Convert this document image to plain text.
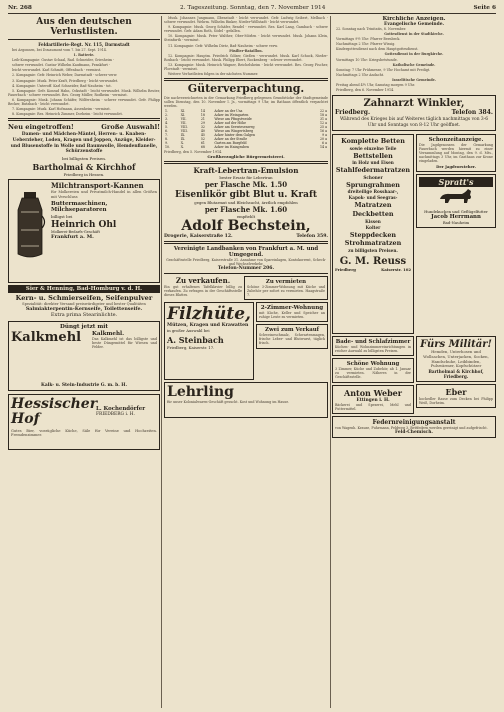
Nr. 268	2. Tageszeitung. Sonntag, den 7. November 1914	Seite 6
Aus den deutschen Verlustlisten.
Feldartillerie-Regt. Nr. 115, Darmstadt

bei Argonnen, bei Douaumont vom 7. bis 27. Sept. 1914.

1. Batterie.

Leib-Kompagnie: Gustav Schaal, Rad. Schneider, Griesheim -

schwer verwundet. Gustav Wilhelm Kaufmann, Frankfurt -

leicht verwundet. Karl Schmitt, Offenbach - vermisst.

2. Kompagnie: Gefr. Heinrich Weber, Darmstadt - schwer verw.

3. Kompagnie: Musk. Peter Kraft, Friedberg - leicht verwundet.

4. Kompagnie: Unteroff. Karl Schneider, Bad-Nauheim - tot.

5. Kompagnie: Gefr. Konrad Hahn, Ockstadt - leicht verwundet. Musk. Wilhelm Reuter, Fauerbach - schwer verwundet. Res. Georg Müller, Rodheim - vermisst.

6. Kompagnie: Musk. Johann Schäfer, Wölfersheim - schwer verwundet. Gefr. Philipp Becker, Butzbach - leicht verwundet.

7. Kompagnie: Musk. Karl Hofmann, Assenheim - vermisst.

8. Kompagnie: Res. Heinrich Zimmer, Dorheim - leicht verwundet.

Neu eingetroffen!	Große Auswahl!
Damen- und Mädchen-Mäntel, Herren- u. Knaben-Ueberzieher, Loden, Kragen und Joppen, Anzüge, Kleider- und Blusenstoffe in Wolle und Baumwolle, Hemdenflanelle, Schürzenstoffe
bei billigsten Preisen.
Bartholmai & Kirchhof
Friedberg in Hessen.
Milchtransport-Kannen
für Molkereien und Privatmilch-Handel in allen Größen mit Verschluss
Buttermaschinen, Milchseparatoren
billigst bei
Heinrich Ohl
Molkerei-Bedarfs-Geschäft
Frankfurt a. M.
Sier & Henning, Bad-Homburg v. d. H.
Kern- u. Schmierseifen, Seifenpulver
Spezialität: direkter Versand preiswürdigster und bester Qualitäten
Salmiakterpentin-Kernseife, Toilettenseife.
Extra prima Stearinlichte.
Düngt jetzt mit
Kalkmehl	Kalkmehl.
Das Kalkmehl ist das billigste und beste Düngemittel für Wiesen und Felder.
Kalk- u. Stein-Industrie G. m. b. H.
Hessischer Hof
L. Kochendörfer
FRIEDBERG i. H.
Gutes Bier, vorzügliche Küche, Säle für Vereine und Hochzeiten. Fremdenzimmer.

Musk. Johannes Jungmann, Ilbenstadt - leicht verwundet. Gefr. Ludwig Seibert, Melbach - schwer verwundet. Wehrm. Wilhelm Rinker, Nieder-Wöllstadt - leicht verwundet.

9. Kompagnie: Musk. Georg Schäfer, Rendel - verwundet. Res. Karl Lang, Gambach - schwer verwundet. Gefr. Adam Roth, Södel - gefallen.

10. Kompagnie: Musk. Peter Walther, Ober-Mörlen - leicht verwundet. Musk. Johann Klein, Steinfurth - vermisst.

11. Kompagnie: Gefr. Wilhelm Dietz, Bad-Nauheim - schwer verw.

Füsilier-Bataillon.

12. Kompagnie: Hauptm. Friedrich Gölzer, Gießen - verwundet. Musk. Karl Schuck, Nieder-Rosbach - leicht verwundet. Musk. Philipp Ebert, Rockenberg - schwer verwundet.

13. Kompagnie: Musk. Heinrich Wagner, Reichelsheim - leicht verwundet. Res. Georg Fischer, Florstadt - vermisst.

Weitere Verlustlisten folgen in der nächsten Nummer.

Güterverpachtung.
Die nachverzeichneten in der Gemarkung Friedberg gelegenen Grundstücke der Stadtgemeinde sollen Dienstag, den 10. November l. Js., vormittags 9 Uhr, im Rathaus öffentlich verpachtet werden.
1.	XI.	14	Acker an der Usa	22 a
2.	XI.	18	Acker im Weingarten	18 a
3.	VII.	21	Wiese am Pfingstweide	31 a
4.	VII.	29	Acker auf der Höhe	12 a
5.	VIII.	32	Acker am Seewiesenweg	25 a
6.	VIII.	40	Wiese am Wingertsberg	16 a
7.	IX.	45	Acker hinter dem Galgen	9 a
8.	IX.	52	Acker an der Straße	20 a
9.	X.	61	Garten am Burgfeld	6 a
10.	X.	68	Acker im Haingraben	14 a
Friedberg, den 5. November 1914.
Großherzogliche Bürgermeisterei.
Kraft-Lebertran-Emulsion
bester Ersatz für Lebertran
per Flasche Mk. 1.50
Eisenlikör gibt Blut u. Kraft
gegen Blutarmut und Bleichsucht, ärztlich empfohlen
per Flasche Mk. 1.60
empfiehlt
Adolf Bechstein,
Drogerie, Kaiserstraße 12.	Telefon 359.
Vereinigte Landbanken von Frankfurt a. M. und Umgegend.
Geschäftsstelle Friedberg, Kaiserstraße 31. Annahme von Spareinlagen, Kontokorrent, Scheck- und Wechselverkehr.
Telefon-Nummer 206.
Zu verkaufen.
Ein gut erhaltenes Tafelklavier billig zu verkaufen. Zu erfragen in der Geschäftsstelle dieses Blattes.
Zu vermieten
Schöne 3-Zimmer-Wohnung mit Küche und Zubehör per sofort zu vermieten. Haagstraße 7.
Filzhüte,
Mützen, Kragen und Krawatten
in großer Auswahl bei
A. Steinbach
Friedberg, Kaiserstr. 17.
2-Zimmer-Wohnung
mit Küche, Keller und Speicher an ruhige Leute zu vermieten.
Zwei zum Verkauf
Schweineschmalz, Schwartenmagen, frische Leber- und Blutwurst, täglich frisch.
Lehrling
für unser Kolonialwaren-Geschäft gesucht. Kost und Wohnung im Hause.
Kirchliche Anzeigen.
Evangelische Gemeinde.

22. Sonntag nach Trinitatis, 8. November.

Gottesdienst in der Stadtkirche.

Vormittags 9½ Uhr: Pfarrer Bernbeck.

Nachmittags 2 Uhr: Pfarrer Wissig.

Kindergottesdienst nach dem Hauptgottesdienst.

Gottesdienst in der Burgkirche.

Vormittags 10 Uhr: Kriegsbetstunde.

Katholische Gemeinde.

Sonntag: 7 Uhr Frühmesse, 9 Uhr Hochamt mit Predigt.

Nachmittags 2 Uhr Andacht.

Israelitische Gemeinde.

Freitag abend 4½ Uhr, Samstag morgen 9 Uhr.

Friedberg, den 6. November 1914.

Zahnarzt Winkler,
Friedberg.	Telefon 384.
Während des Krieges bis auf Weiteres täglich nachmittags von 3-6 Uhr und Sonntags von 8-12 Uhr geöffnet.
Komplette Betten
sowie einzelne Teile
Bettstellen
in Holz und Eisen
Stahlfedermatratzen
Schoner
Sprungrahmen
dreiteilige Rosshaar-,
Kapok- und Seegras-
Matratzen
Deckbetten
Kissen
Kolter
Steppdecken
Strohmatratzen
zu billigsten Preisen.
G. M. Reuss
Friedberg	Kaiserstr. 102
Schonzeitanzeige.
Die Jagdgenossen der Gemarkung Fauerbach werden hiermit zu einer Versammlung auf Montag, den 9. d. Mts., nachmittags 3 Uhr, im Gasthaus zur Krone eingeladen.
Der Jagdvorsteher.
Spratt's
Hundekuchen und Geflügelfutter
Jacob Herrmann
Bad-Nauheim
Bade- und Schlafzimmer
Küchen- und Wohnzimmereinrichtungen in reicher Auswahl zu billigsten Preisen.
Schöne Wohnung
3 Zimmer, Küche und Zubehör, ab 1. Januar zu vermieten. Näheres in der Geschäftsstelle.
Anton Weber
Ettingen i. H.
Bäckerei und Spezerei, Mehl und Futtermittel.
Fürs Militär!
Hemden, Unterhosen und Wollsachen, Unterjacken, Socken, Handschuhe, Leibbinden, Pulswärmer, Kopfschützer
Bartholmai & Kirchhof, Friedberg.
Eber
hochedler Rasse zum Decken bei Philipp Weiß, Dorheim.
Federnreinigungsanstalt
von Wagenh. Krause, Fuhrmann, Feldweg 3. Bettfedern werden gereinigt und aufgefrischt.
Feld-Chemisch.
